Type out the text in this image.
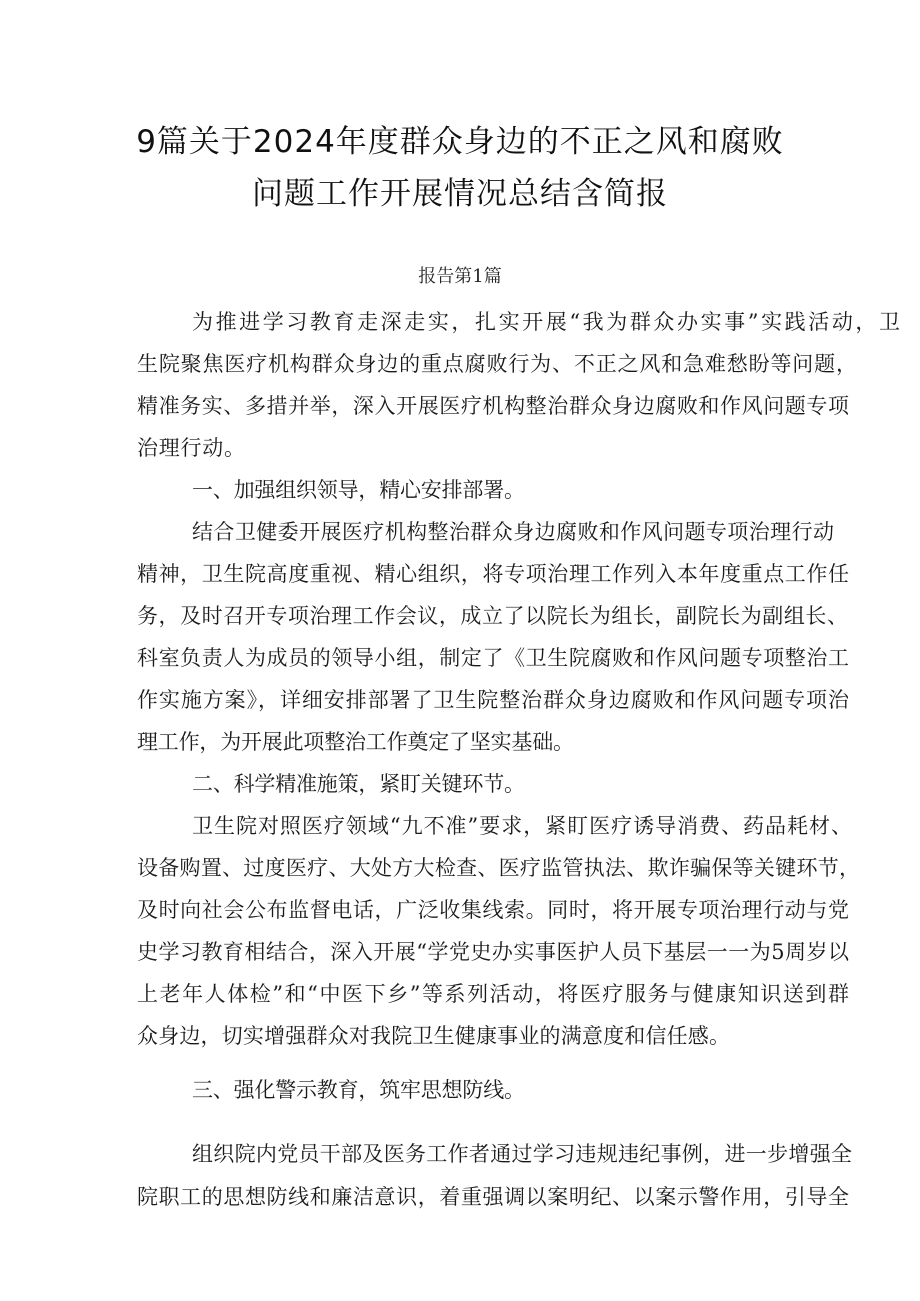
9篇关于2024年度群众身边的不正之风和腐败
问题工作开展情况总结含简报
报告第1篇
为推进学习教育走深走实，扎实开展“我为群众办实事”实践活动，卫
生院聚焦医疗机构群众身边的重点腐败行为、不正之风和急难愁盼等问题，
精准务实、多措并举，深入开展医疗机构整治群众身边腐败和作风问题专项
治理行动。
一、加强组织领导，精心安排部署。
结合卫健委开展医疗机构整治群众身边腐败和作风问题专项治理行动
精神，卫生院高度重视、精心组织，将专项治理工作列入本年度重点工作任
务，及时召开专项治理工作会议，成立了以院长为组长，副院长为副组长、
科室负责人为成员的领导小组，制定了《卫生院腐败和作风问题专项整治工
作实施方案》，详细安排部署了卫生院整治群众身边腐败和作风问题专项治
理工作，为开展此项整治工作奠定了坚实基础。
二、科学精准施策，紧盯关键环节。
卫生院对照医疗领域“九不准”要求，紧盯医疗诱导消费、药品耗材、
设备购置、过度医疗、大处方大检查、医疗监管执法、欺诈骗保等关键环节，
及时向社会公布监督电话，广泛收集线索。同时，将开展专项治理行动与党
史学习教育相结合，深入开展“学党史办实事医护人员下基层一一为5周岁以
上老年人体检”和“中医下乡”等系列活动，将医疗服务与健康知识送到群
众身边，切实增强群众对我院卫生健康事业的满意度和信任感。
三、强化警示教育，筑牢思想防线。
组织院内党员干部及医务工作者通过学习违规违纪事例，进一步增强全
院职工的思想防线和廉洁意识，着重强调以案明纪、以案示警作用，引导全
